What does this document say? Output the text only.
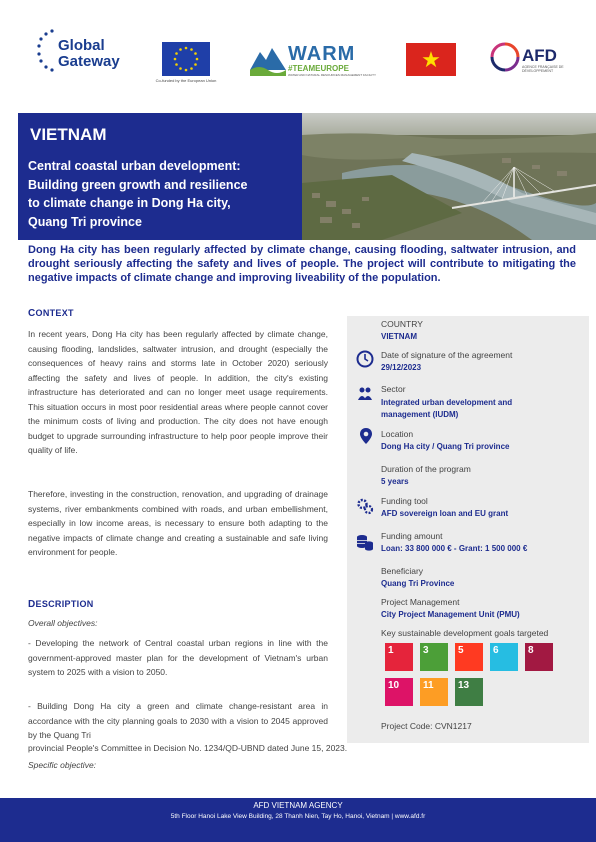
Global
Gateway
Co-funded by the European Union
WARM
#TEAMEUROPE
WATER AND NATURAL RESOURCES MANAGEMENT FACILITY
★	AFD
AGENCE FRANÇAISE DE DÉVELOPPEMENT
VIETNAM
Central coastal urban development:
Building green growth and resilience
to climate change in Dong Ha city,
Quang Tri province
Dong Ha city has been regularly affected by climate change, causing flooding, saltwater intrusion, and drought seriously affecting the safety and lives of people. The project will contribute to mitigating the negative impacts of climate change and improving liveability of the population.
CONTEXT
In recent years, Dong Ha city has been regularly affected by climate change, causing flooding, landslides, saltwater intrusion, and drought (especially the consequences of heavy rains and storms late in October 2020) seriously affecting the safety and lives of people. In addition, the city's existing infrastructure has deteriorated and can no longer meet usage requirements. This situation occurs in most poor residential areas where people cannot cover the minimum costs of living and production. The city does not have enough budget to upgrade surrounding infrastructure to help poor people improve their quality of life.
Therefore, investing in the construction, renovation, and upgrading of drainage systems, river embankments combined with roads, and urban embellishment, especially in low income areas, is necessary to ensure both adapting to the negative impacts of climate change and creating a sustainable and safe living environment for people.
DESCRIPTION
Overall objectives:
- Developing the network of Central coastal urban regions in line with the government-approved master plan for the development of Vietnam's urban system to 2025 with a vision to 2050.
- Building Dong Ha city a green and climate change-resistant area in accordance with the city planning goals to 2030 with a vision to 2045 approved by the Quang Tri
provincial People's Committee in Decision No. 1234/QD-UBND dated June 15, 2023.
Specific objective:
COUNTRY
VIETNAM
Date of signature of the agreement
29/12/2023
Sector
Integrated urban development and
management (IUDM)
Location
Dong Ha city / Quang Tri province
Duration of the program
5 years
Funding tool
AFD sovereign loan and EU grant
Funding amount
Loan: 33 800 000 € - Grant: 1 500 000 €
Beneficiary
Quang Tri Province
Project Management
City Project Management Unit (PMU)
Key sustainable development goals targeted
1	3	5	6	8
10	11	13
Project Code: CVN1217
AFD VIETNAM AGENCY
5th Floor Hanoi Lake View Building, 28 Thanh Nien, Tay Ho, Hanoi, Vietnam | www.afd.fr
